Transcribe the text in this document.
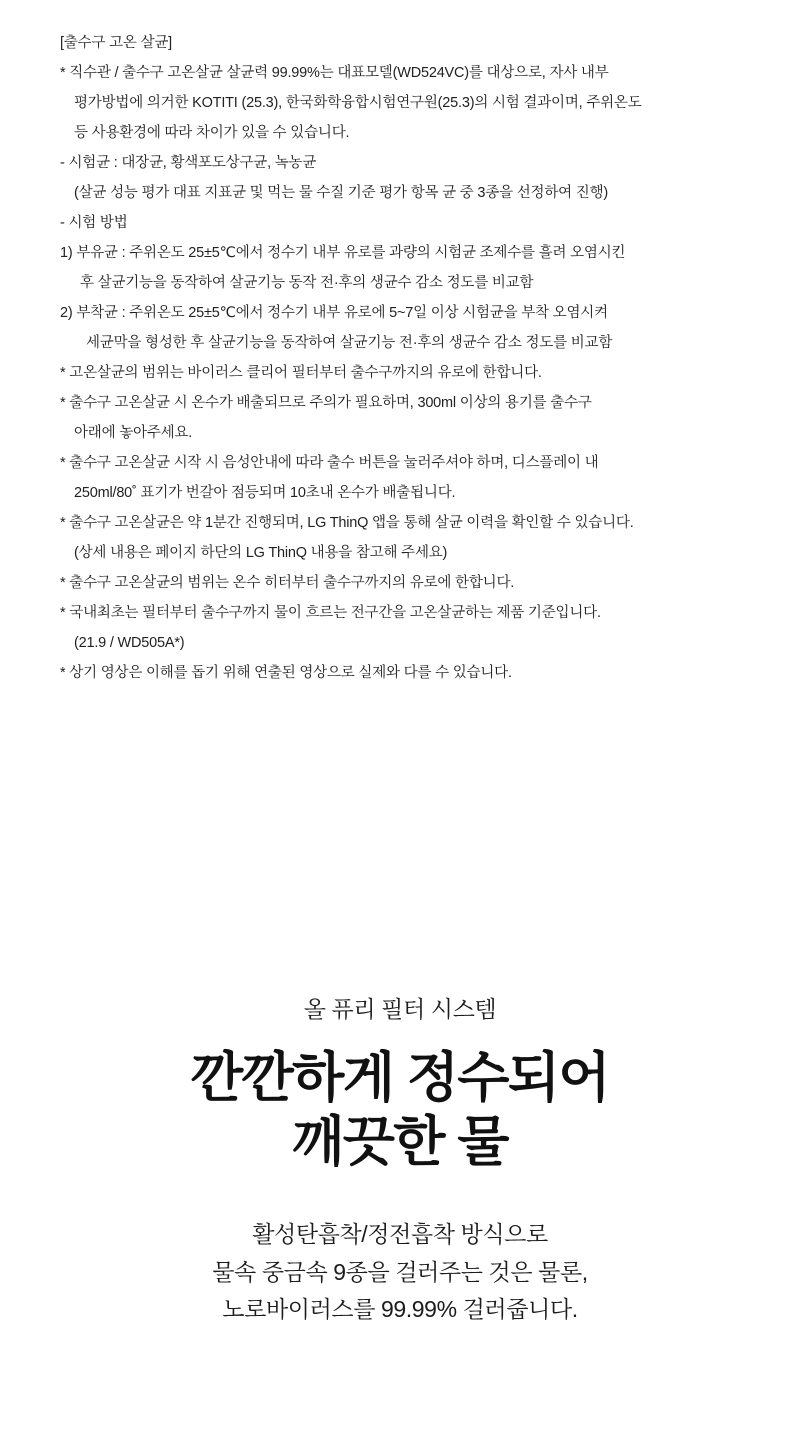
[출수구 고온 살균]

* 직수관 / 출수구 고온살균 살균력 99.99%는 대표모델(WD524VC)를 대상으로, 자사 내부

평가방법에 의거한 KOTITI (25.3), 한국화학융합시험연구원(25.3)의 시험 결과이며, 주위온도

등 사용환경에 따라 차이가 있을 수 있습니다.

- 시험균 : 대장균, 황색포도상구균, 녹농균

(살균 성능 평가 대표 지표균 및 먹는 물 수질 기준 평가 항목 균 중 3종을 선정하여 진행)

- 시험 방법

1) 부유균 : 주위온도 25±5℃에서 정수기 내부 유로를 과량의 시험균 조제수를 흘려 오염시킨

후 살균기능을 동작하여 살균기능 동작 전·후의 생균수 감소 정도를 비교함

2) 부착균 : 주위온도 25±5℃에서 정수기 내부 유로에 5~7일 이상 시험균을 부착 오염시켜

세균막을 형성한 후 살균기능을 동작하여 살균기능 전·후의 생균수 감소 정도를 비교함

* 고온살균의 범위는 바이러스 클리어 필터부터 출수구까지의 유로에 한합니다.

* 출수구 고온살균 시 온수가 배출되므로 주의가 필요하며, 300ml 이상의 용기를 출수구

아래에 놓아주세요.

* 출수구 고온살균 시작 시 음성안내에 따라 출수 버튼을 눌러주셔야 하며, 디스플레이 내

250ml/80˚ 표기가 번갈아 점등되며 10초내 온수가 배출됩니다.

* 출수구 고온살균은 약 1분간 진행되며, LG ThinQ 앱을 통해 살균 이력을 확인할 수 있습니다.

(상세 내용은 페이지 하단의 LG ThinQ 내용을 참고해 주세요)

* 출수구 고온살균의 범위는 온수 히터부터 출수구까지의 유로에 한합니다.

* 국내최초는 필터부터 출수구까지 물이 흐르는 전구간을 고온살균하는 제품 기준입니다.

(21.9 / WD505A*)

* 상기 영상은 이해를 돕기 위해 연출된 영상으로 실제와 다를 수 있습니다.

올 퓨리 필터 시스템

깐깐하게 정수되어
깨끗한 물

활성탄흡착/정전흡착 방식으로
물속 중금속 9종을 걸러주는 것은 물론,
노로바이러스를 99.99% 걸러줍니다.
